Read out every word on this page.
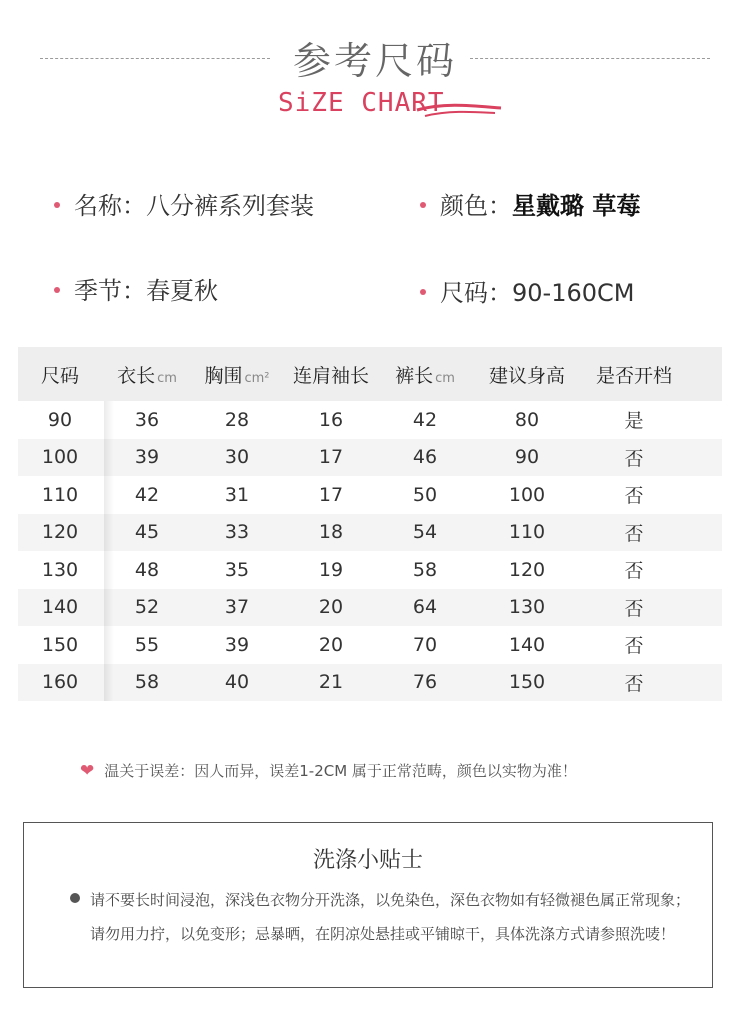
参考尺码
SiZE CHART
名称：八分裤系列套装	颜色：星戴璐 草莓
季节：春夏秋	尺码：90-160CM
尺码	衣长 cm	胸围 cm²	连肩袖长	裤长 cm	建议身高	是否开档
90	36	28	16	42	80	是
100	39	30	17	46	90	否
110	42	31	17	50	100	否
120	45	33	18	54	110	否
130	48	35	19	58	120	否
140	52	37	20	64	130	否
150	55	39	20	70	140	否
160	58	40	21	76	150	否
❤ 温关于误差：因人而异，误差1-2CM 属于正常范畴，颜色以实物为准！
洗涤小贴士
请不要长时间浸泡，深浅色衣物分开洗涤，以免染色，深色衣物如有轻微褪色属正常现象；请勿用力拧，以免变形；忌暴晒，在阴凉处悬挂或平铺晾干，具体洗涤方式请参照洗唛！
